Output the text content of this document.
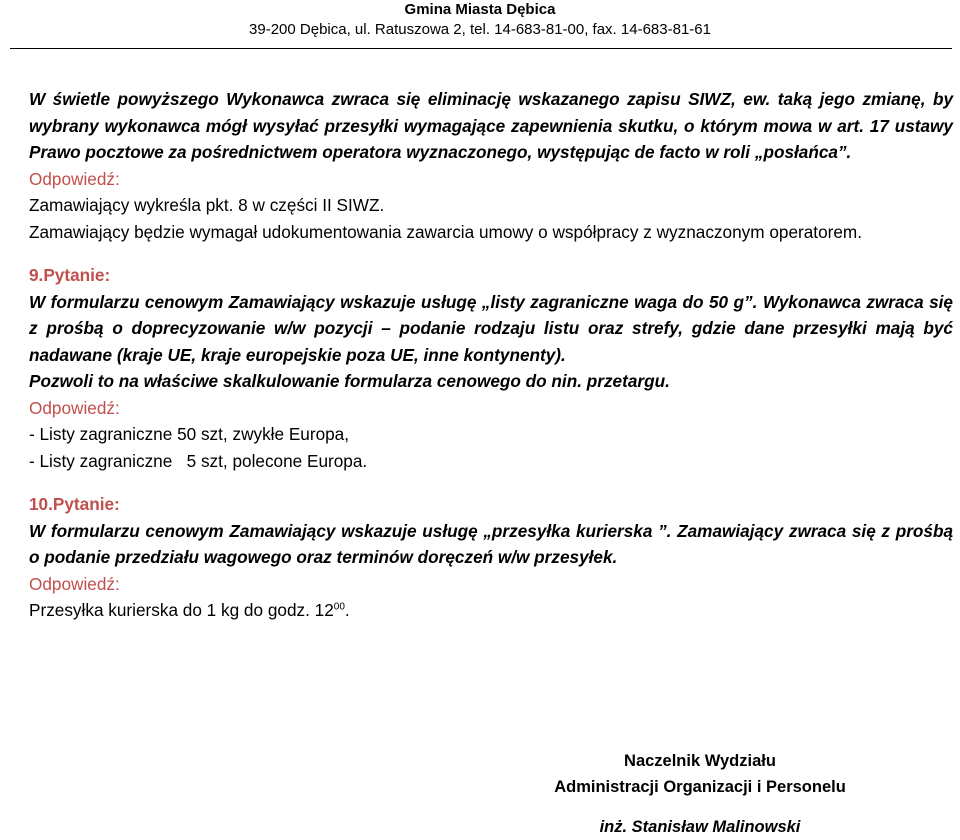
Gmina Miasta Dębica
39-200 Dębica, ul. Ratuszowa 2, tel. 14-683-81-00, fax. 14-683-81-61

W świetle powyższego Wykonawca zwraca się eliminację wskazanego zapisu SIWZ, ew. taką jego zmianę, by wybrany wykonawca mógł wysyłać przesyłki wymagające zapewnienia skutku, o którym mowa w art. 17 ustawy Prawo pocztowe za pośrednictwem operatora wyznaczonego, występując de facto w roli „posłańca”.

Odpowiedź:

Zamawiający wykreśla pkt. 8 w części II SIWZ.

Zamawiający będzie wymagał udokumentowania zawarcia umowy o współpracy z wyznaczonym operatorem.

9.Pytanie:

W formularzu cenowym Zamawiający wskazuje usługę „listy zagraniczne waga do 50 g”. Wykonawca zwraca się z prośbą o doprecyzowanie w/w pozycji – podanie rodzaju listu oraz strefy, gdzie dane przesyłki mają być nadawane (kraje UE, kraje europejskie poza UE, inne kontynenty).

Pozwoli to na właściwe skalkulowanie formularza cenowego do nin. przetargu.

Odpowiedź:

- Listy zagraniczne 50 szt, zwykłe Europa,

- Listy zagraniczne   5 szt, polecone Europa.

10.Pytanie:

W formularzu cenowym Zamawiający wskazuje usługę „przesyłka kurierska ”. Zamawiający zwraca się z prośbą o podanie przedziału wagowego oraz terminów doręczeń w/w przesyłek.

Odpowiedź:

Przesyłka kurierska do 1 kg do godz. $12^{00}$.

Naczelnik Wydziału
Administracji Organizacji i Personelu
inż. Stanisław Malinowski
